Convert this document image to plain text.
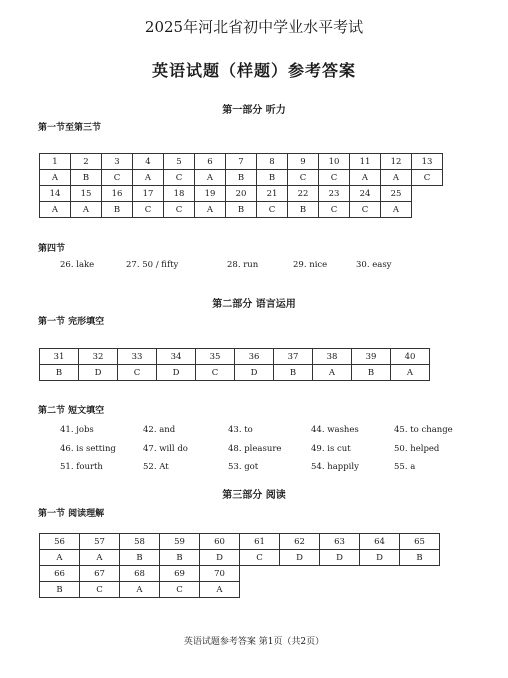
2025年河北省初中学业水平考试
英语试题（样题）参考答案
第一部分 听力
第一节至第三节
1	2	3	4	5	6	7	8	9	10	11	12	13
A	B	C	A	C	A	B	B	C	C	A	A	C
14	15	16	17	18	19	20	21	22	23	24	25	
A	A	B	C	C	A	B	C	B	C	C	A	
第四节
26. lake	27. 50 / fifty	28. run	29. nice	30. easy
第二部分 语言运用
第一节 完形填空
31	32	33	34	35	36	37	38	39	40
B	D	C	D	C	D	B	A	B	A
第二节 短文填空
41. jobs	42. and	43. to	44. washes	45. to change
46. is setting	47. will do	48. pleasure	49. is cut	50. helped
51. fourth	52. At	53. got	54. happily	55. a
第三部分 阅读
第一节 阅读理解
56	57	58	59	60	61	62	63	64	65
A	A	B	B	D	C	D	D	D	B
66	67	68	69	70					
B	C	A	C	A					
英语试题参考答案 第1页（共2页）
